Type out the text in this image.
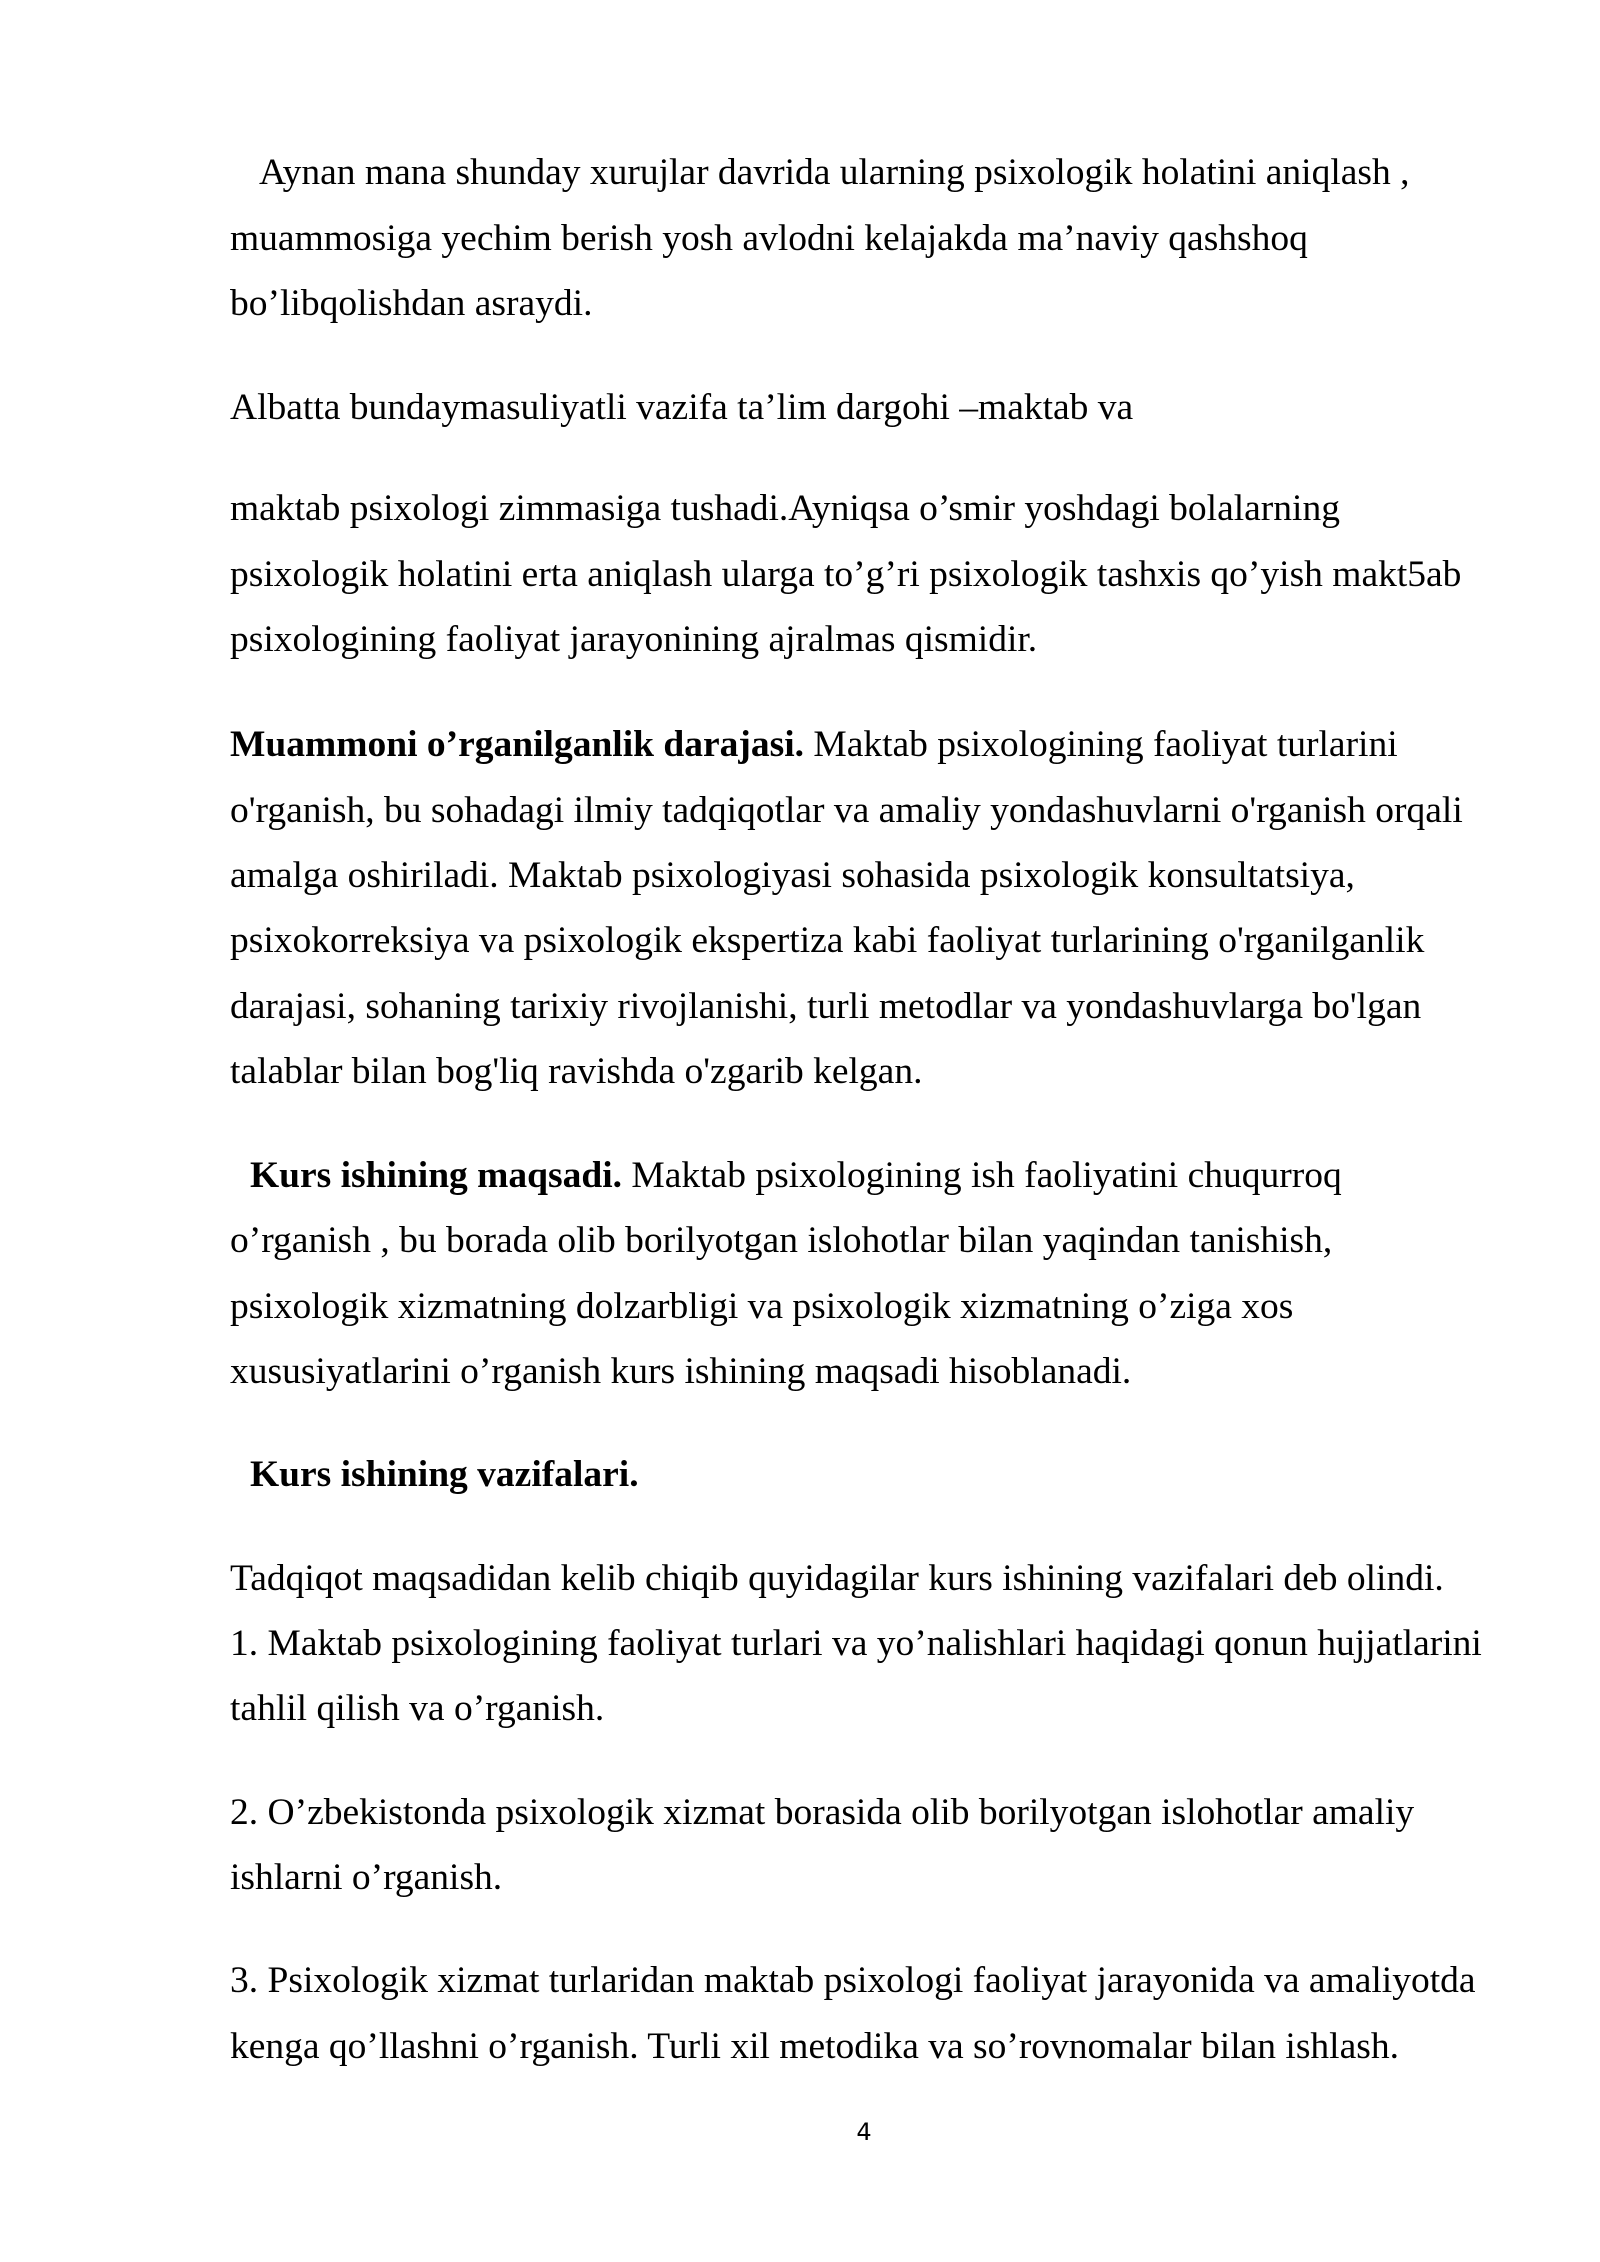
Aynan mana shunday xurujlar davrida ularning psixologik holatini aniqlash ,
muammosiga yechim berish yosh avlodni kelajakda ma’naviy qashshoq
bo’libqolishdan asraydi.
Albatta bundaymasuliyatli vazifa ta’lim dargohi –maktab va
maktab psixologi zimmasiga tushadi.Ayniqsa o’smir yoshdagi bolalarning
psixologik holatini erta aniqlash ularga to’g’ri psixologik tashxis qo’yish makt5ab
psixologining faoliyat jarayonining ajralmas qismidir.
Muammoni o’rganilganlik darajasi. Maktab psixologining faoliyat turlarini
o'rganish, bu sohadagi ilmiy tadqiqotlar va amaliy yondashuvlarni o'rganish orqali
amalga oshiriladi. Maktab psixologiyasi sohasida psixologik konsultatsiya,
psixokorreksiya va psixologik ekspertiza kabi faoliyat turlarining o'rganilganlik
darajasi, sohaning tarixiy rivojlanishi, turli metodlar va yondashuvlarga bo'lgan
talablar bilan bog'liq ravishda o'zgarib kelgan.
Kurs ishining maqsadi. Maktab psixologining ish faoliyatini chuqurroq
o’rganish , bu borada olib borilyotgan islohotlar bilan yaqindan tanishish,
psixologik xizmatning dolzarbligi va psixologik xizmatning o’ziga xos
xususiyatlarini o’rganish kurs ishining maqsadi hisoblanadi.
Kurs ishining vazifalari.
Tadqiqot maqsadidan kelib chiqib quyidagilar kurs ishining vazifalari deb olindi.
1. Maktab psixologining faoliyat turlari va yo’nalishlari haqidagi qonun hujjatlarini
tahlil qilish va o’rganish.
2. O’zbekistonda psixologik xizmat borasida olib borilyotgan islohotlar amaliy
ishlarni o’rganish.
3. Psixologik xizmat turlaridan maktab psixologi faoliyat jarayonida va amaliyotda
kenga qo’llashni o’rganish. Turli xil metodika va so’rovnomalar bilan ishlash.
4
